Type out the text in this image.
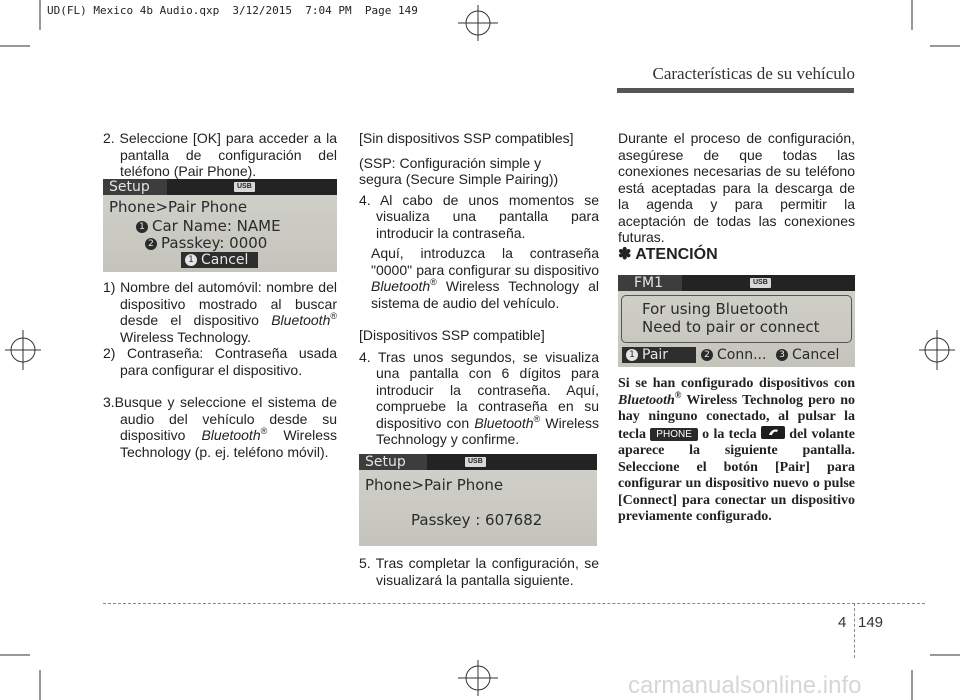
UD(FL) Mexico 4b Audio.qxp  3/12/2015  7:04 PM  Page 149
Características de su vehículo

2. Seleccione [OK] para acceder a la pantalla de configuración del teléfono (Pair Phone).

Setup	USB
Phone>Pair Phone
1 Car Name: NAME
2 Passkey: 0000
1 Cancel

1) Nombre del automóvil: nombre del dispositivo mostrado al buscar desde el dispositivo Bluetooth® Wireless Technology.

2) Contraseña: Contraseña usada para configurar el dispositivo.

3.Busque y seleccione el sistema de audio del vehículo desde su dispositivo Bluetooth® Wireless Technology (p. ej. teléfono móvil).

[Sin dispositivos SSP compatibles]

(SSP: Configuración simple y segura (Secure Simple Pairing))

4. Al cabo de unos momentos se visualiza una pantalla para introducir la contraseña.

Aquí, introduzca la contraseña "0000" para configurar su dispositivo Bluetooth® Wireless Technology al sistema de audio del vehículo.

[Dispositivos SSP compatible]

4. Tras unos segundos, se visualiza una pantalla con 6 dígitos para introducir la contraseña. Aquí, compruebe la contraseña en su dispositivo con Bluetooth® Wireless Technology y confirme.

Setup	USB
Phone>Pair Phone
Passkey : 607682

5. Tras completar la configuración, se visualizará la pantalla siguiente.

Durante el proceso de configuración, asegúrese de que todas las conexiones necesarias de su teléfono está aceptadas para la descarga de la agenda y para permitir la aceptación de todas las conexiones futuras.

✽ ATENCIÓN
FM1	USB
For using Bluetooth
Need to pair or connect
1 Pair	2 Conn...	3 Cancel
Si se han configurado dispositivos con Bluetooth® Wireless Technolog pero no hay ninguno conectado, al pulsar la tecla PHONE o la tecla del volante aparece la siguiente pantalla. Seleccione el botón [Pair] para configurar un dispositivo nuevo o pulse [Connect] para conectar un dispositivo previamente configurado.
4 149
carmanualsonline.info
